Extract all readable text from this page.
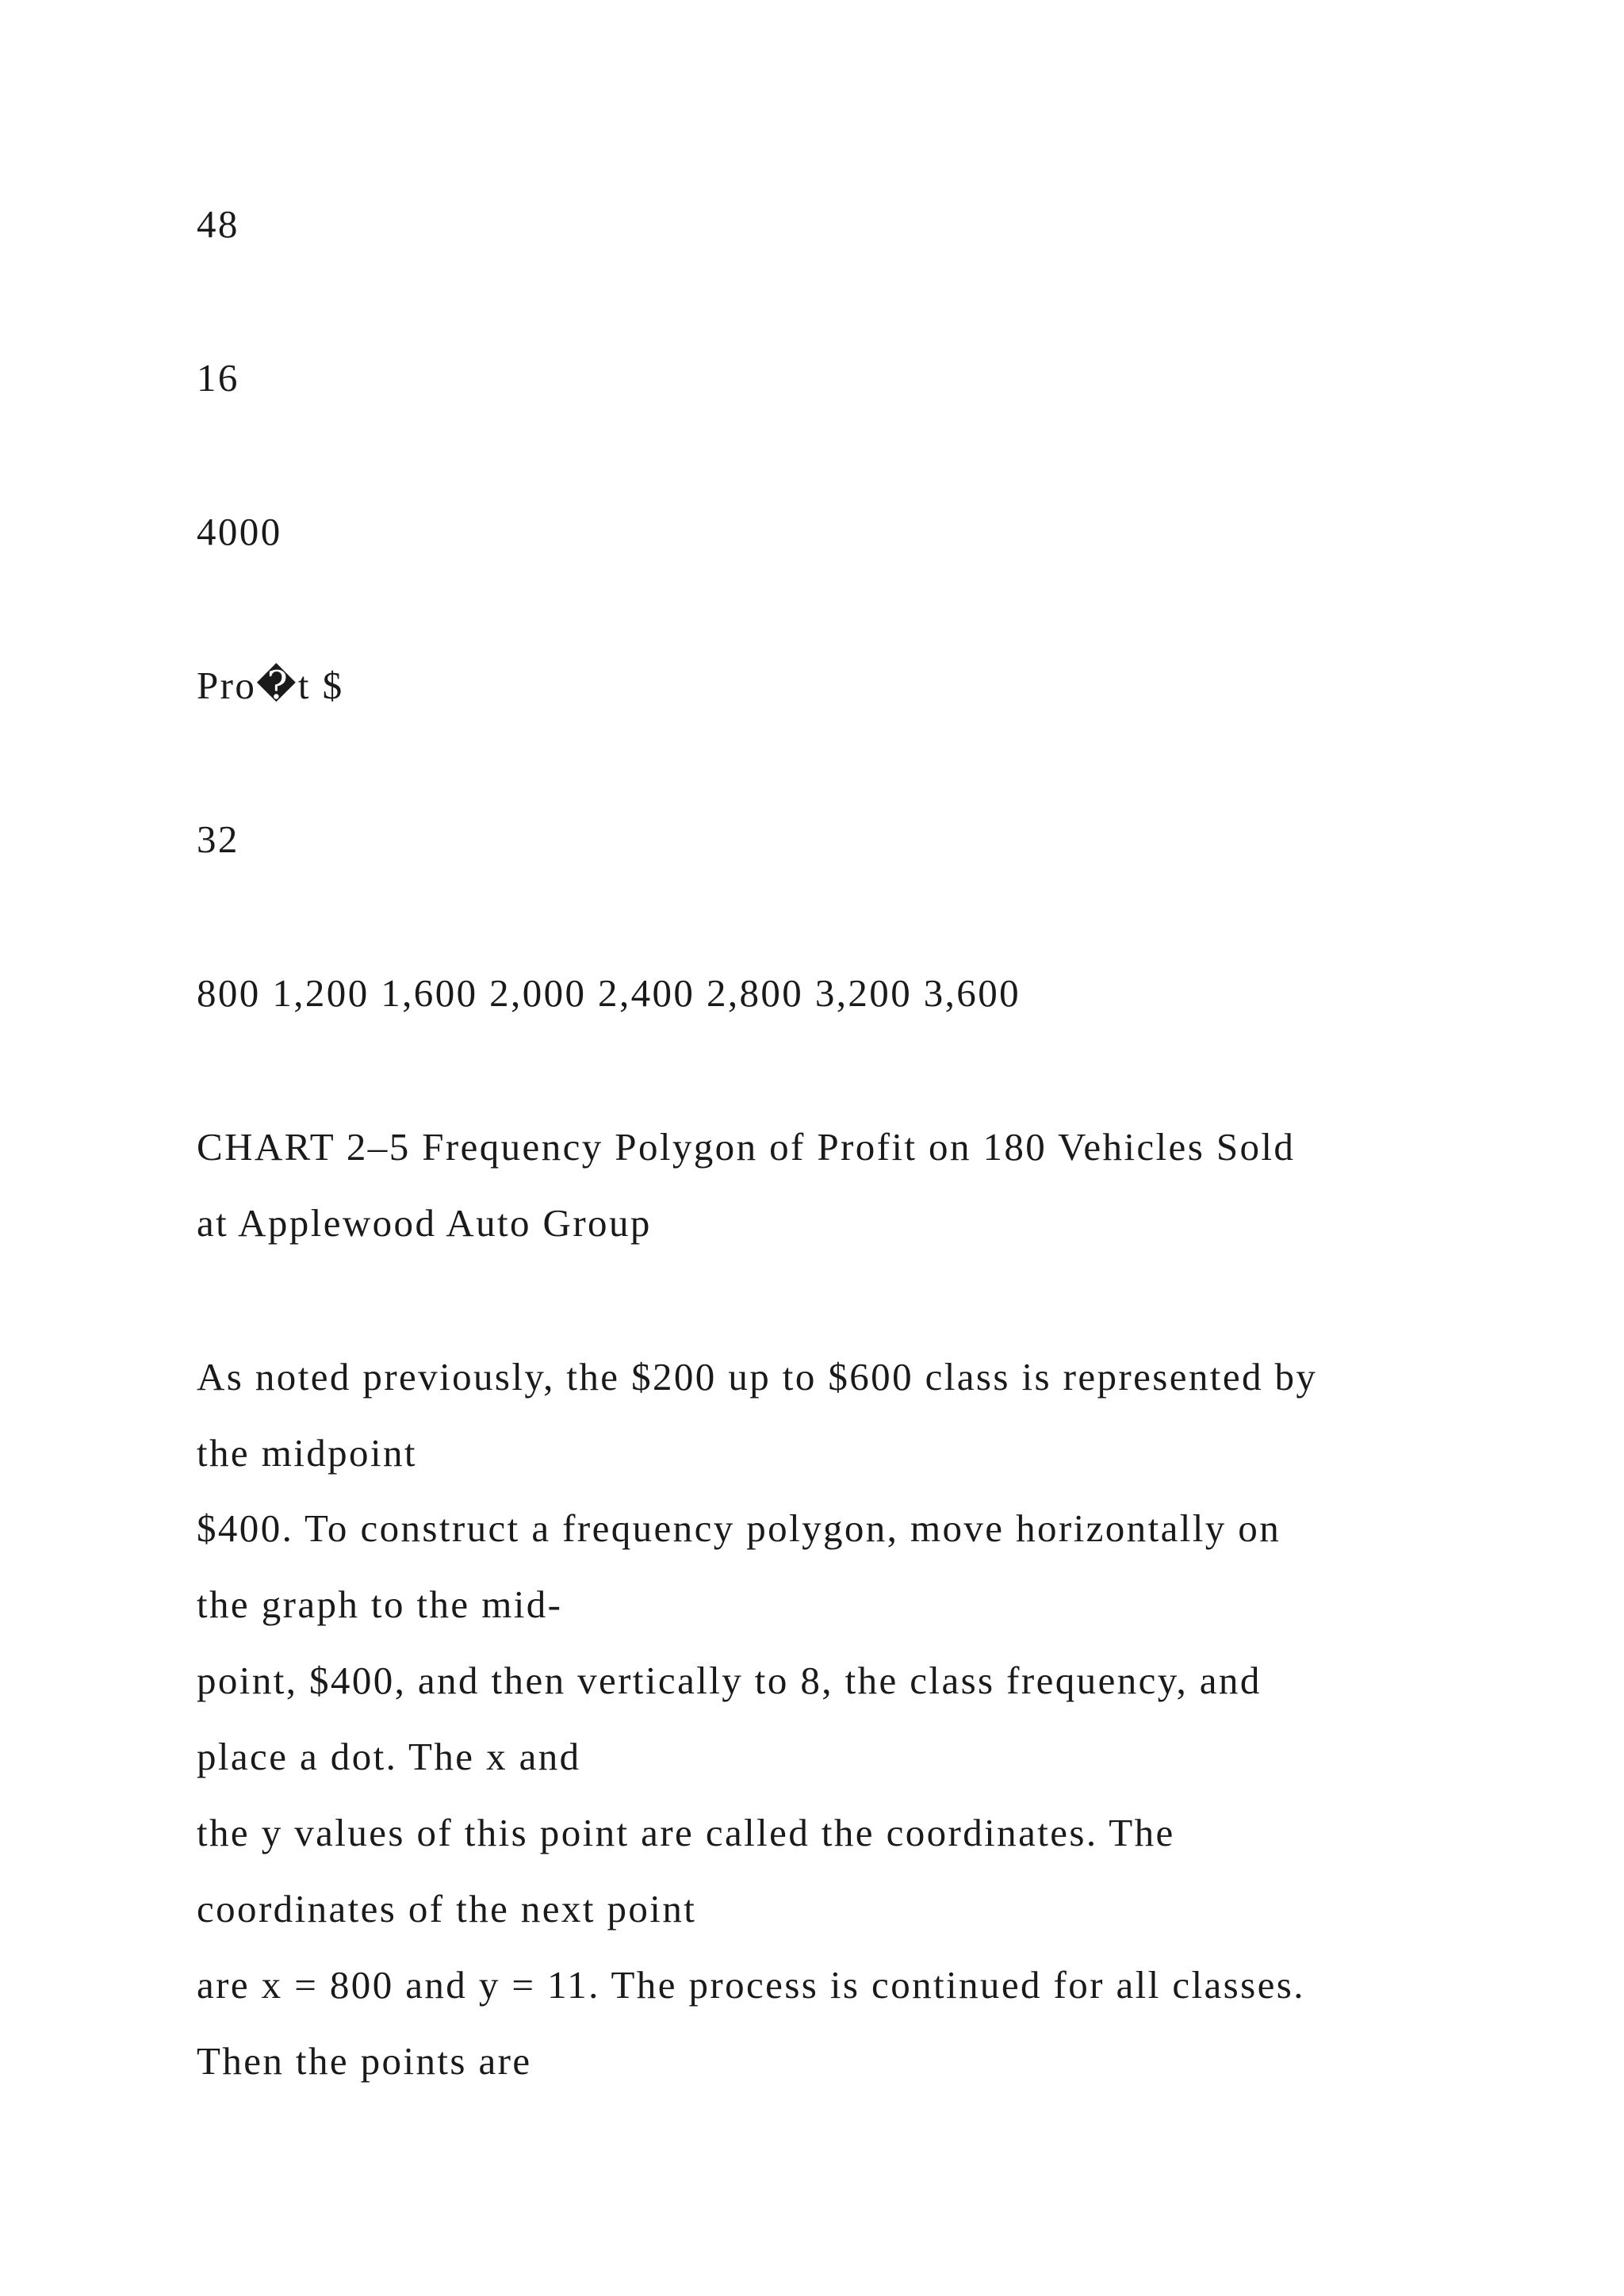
48
16
4000
Pro�t $
32
800 1,200 1,600 2,000 2,400 2,800 3,200 3,600
CHART 2–5 Frequency Polygon of Profit on 180 Vehicles Sold
at Applewood Auto Group
As noted previously, the $200 up to $600 class is represented by
the midpoint
$400. To construct a frequency polygon, move horizontally on
the graph to the mid-
point, $400, and then vertically to 8, the class frequency, and
place a dot. The x and
the y values of this point are called the coordinates. The
coordinates of the next point
are x = 800 and y = 11. The process is continued for all classes.
Then the points are
